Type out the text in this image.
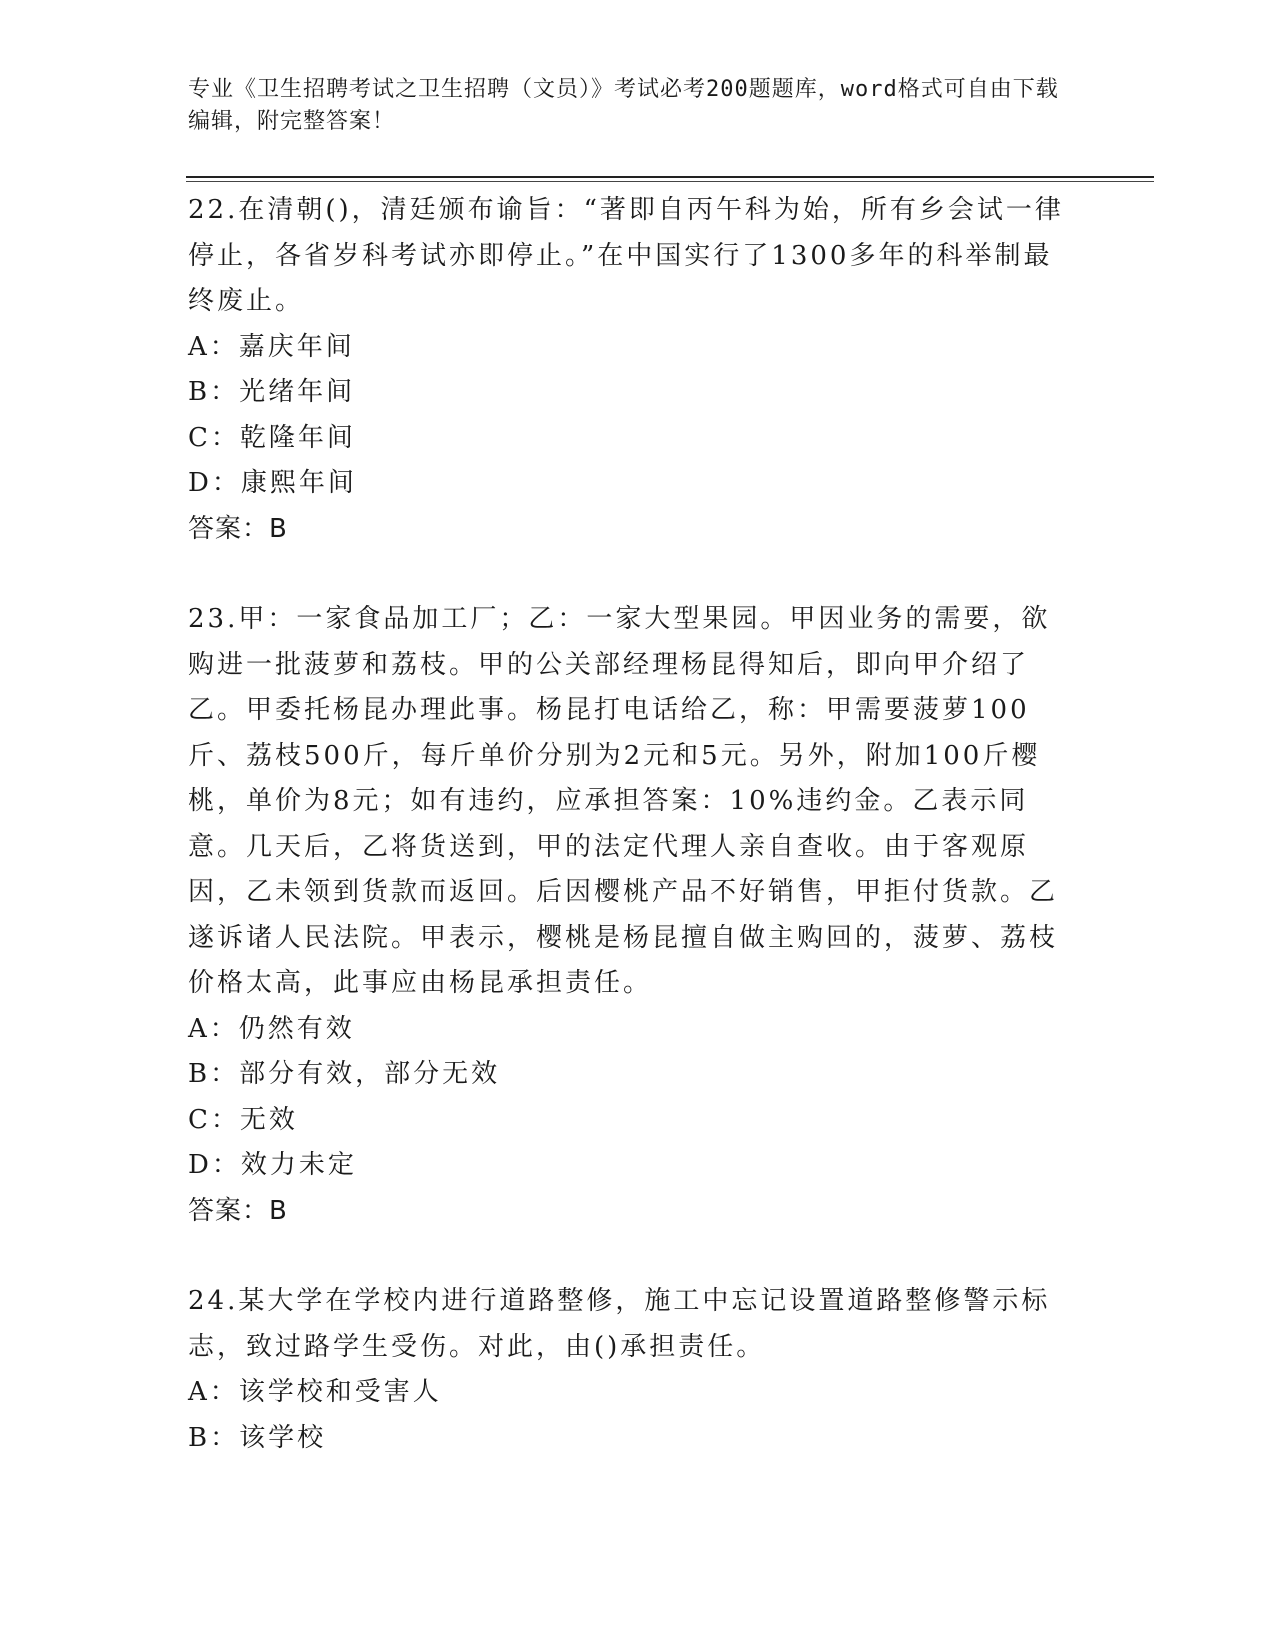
专业《卫生招聘考试之卫生招聘（文员）》考试必考200题题库，word格式可自由下载编辑，附完整答案！

22.在清朝()，清廷颁布谕旨：“著即自丙午科为始，所有乡会试一律停止，各省岁科考试亦即停止。”在中国实行了1300多年的科举制最终废止。

A：嘉庆年间

B：光绪年间

C：乾隆年间

D：康熙年间

答案：B

23.甲：一家食品加工厂；乙：一家大型果园。甲因业务的需要，欲购进一批菠萝和荔枝。甲的公关部经理杨昆得知后，即向甲介绍了乙。甲委托杨昆办理此事。杨昆打电话给乙，称：甲需要菠萝100斤、荔枝500斤，每斤单价分别为2元和5元。另外，附加100斤樱桃，单价为8元；如有违约，应承担答案：10%违约金。乙表示同意。几天后，乙将货送到，甲的法定代理人亲自查收。由于客观原因，乙未领到货款而返回。后因樱桃产品不好销售，甲拒付货款。乙遂诉诸人民法院。甲表示，樱桃是杨昆擅自做主购回的，菠萝、荔枝价格太高，此事应由杨昆承担责任。

A：仍然有效

B：部分有效，部分无效

C：无效

D：效力未定

答案：B

24.某大学在学校内进行道路整修，施工中忘记设置道路整修警示标志，致过路学生受伤。对此，由()承担责任。

A：该学校和受害人

B：该学校
